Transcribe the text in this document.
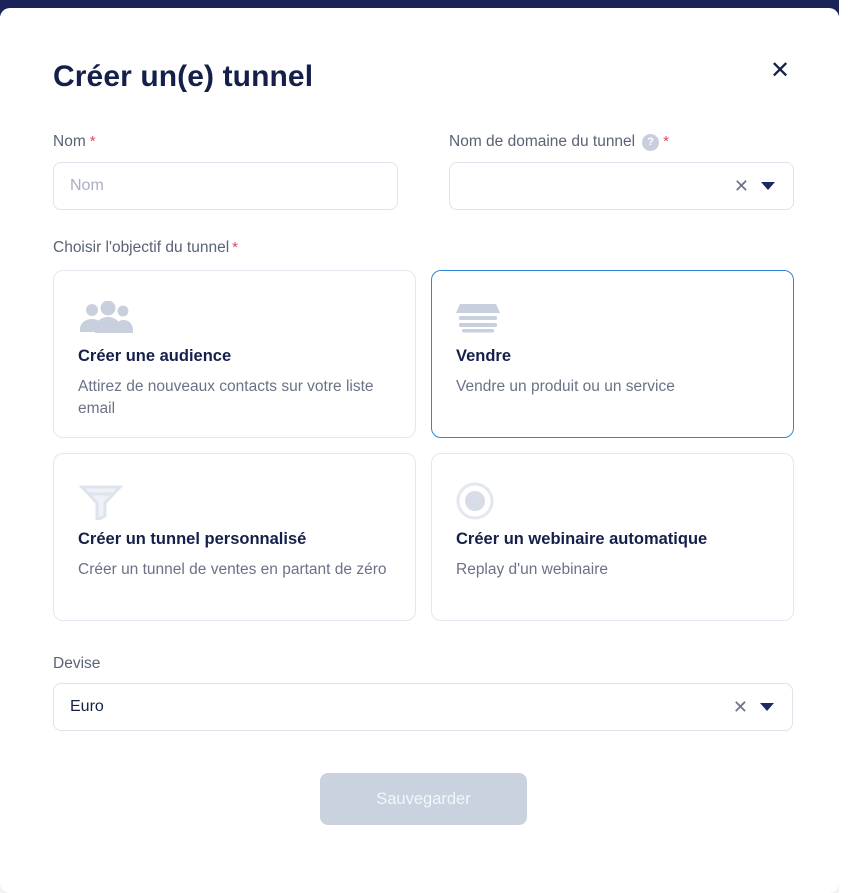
Créer un(e) tunnel	✕
Nom *
Nom	Nom de domaine du tunnel	? *
✕
Choisir l'objectif du tunnel *
Créer une audience
Attirez de nouveaux contacts sur votre liste email
Vendre
Vendre un produit ou un service
Créer un tunnel personnalisé
Créer un tunnel de ventes en partant de zéro
Créer un webinaire automatique
Replay d'un webinaire
Devise
Euro	✕
Sauvegarder
